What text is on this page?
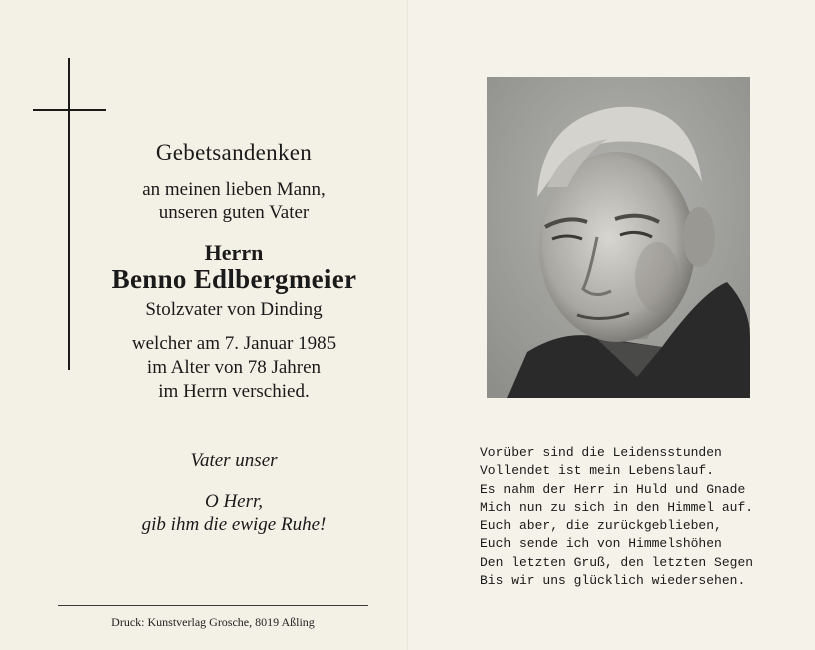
Gebetsandenken
an meinen lieben Mann,
unseren guten Vater
Herrn
Benno Edlbergmeier
Stolzvater von Dinding
welcher am 7. Januar 1985
im Alter von 78 Jahren
im Herrn verschied.
Vater unser
O Herr,
gib ihm die ewige Ruhe!
Druck: Kunstverlag Grosche, 8019 Aßling
Vorüber sind die Leidensstunden
Vollendet ist mein Lebenslauf.
Es nahm der Herr in Huld und Gnade
Mich nun zu sich in den Himmel auf.
Euch aber, die zurückgeblieben,
Euch sende ich von Himmelshöhen
Den letzten Gruß, den letzten Segen
Bis wir uns glücklich wiedersehen.
